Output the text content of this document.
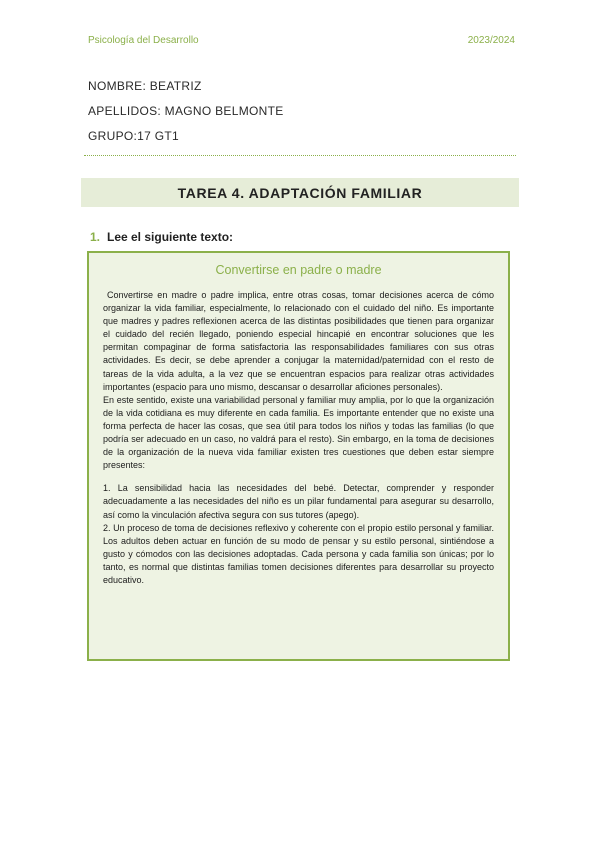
Psicología del Desarrollo	2023/2024
NOMBRE: BEATRIZ
APELLIDOS: MAGNO BELMONTE
GRUPO:17 GT1
TAREA 4. ADAPTACIÓN FAMILIAR
1. Lee el siguiente texto:
Convertirse en padre o madre

Convertirse en madre o padre implica, entre otras cosas, tomar decisiones acerca de cómo organizar la vida familiar, especialmente, lo relacionado con el cuidado del niño. Es importante que madres y padres reflexionen acerca de las distintas posibilidades que tienen para organizar el cuidado del recién llegado, poniendo especial hincapié en encontrar soluciones que les permitan compaginar de forma satisfactoria las responsabilidades familiares con sus otras actividades. Es decir, se debe aprender a conjugar la maternidad/paternidad con el resto de tareas de la vida adulta, a la vez que se encuentran espacios para realizar otras actividades importantes (espacio para uno mismo, descansar o desarrollar aficiones personales).

En este sentido, existe una variabilidad personal y familiar muy amplia, por lo que la organización de la vida cotidiana es muy diferente en cada familia. Es importante entender que no existe una forma perfecta de hacer las cosas, que sea útil para todos los niños y todas las familias (lo que podría ser adecuado en un caso, no valdrá para el resto). Sin embargo, en la toma de decisiones de la organización de la nueva vida familiar existen tres cuestiones que deben estar siempre presentes:

1. La sensibilidad hacia las necesidades del bebé. Detectar, comprender y responder adecuadamente a las necesidades del niño es un pilar fundamental para asegurar su desarrollo, así como la vinculación afectiva segura con sus tutores (apego).

2. Un proceso de toma de decisiones reflexivo y coherente con el propio estilo personal y familiar. Los adultos deben actuar en función de su modo de pensar y su estilo personal, sintiéndose a gusto y cómodos con las decisiones adoptadas. Cada persona y cada familia son únicas; por lo tanto, es normal que distintas familias tomen decisiones diferentes para desarrollar su proyecto educativo.
